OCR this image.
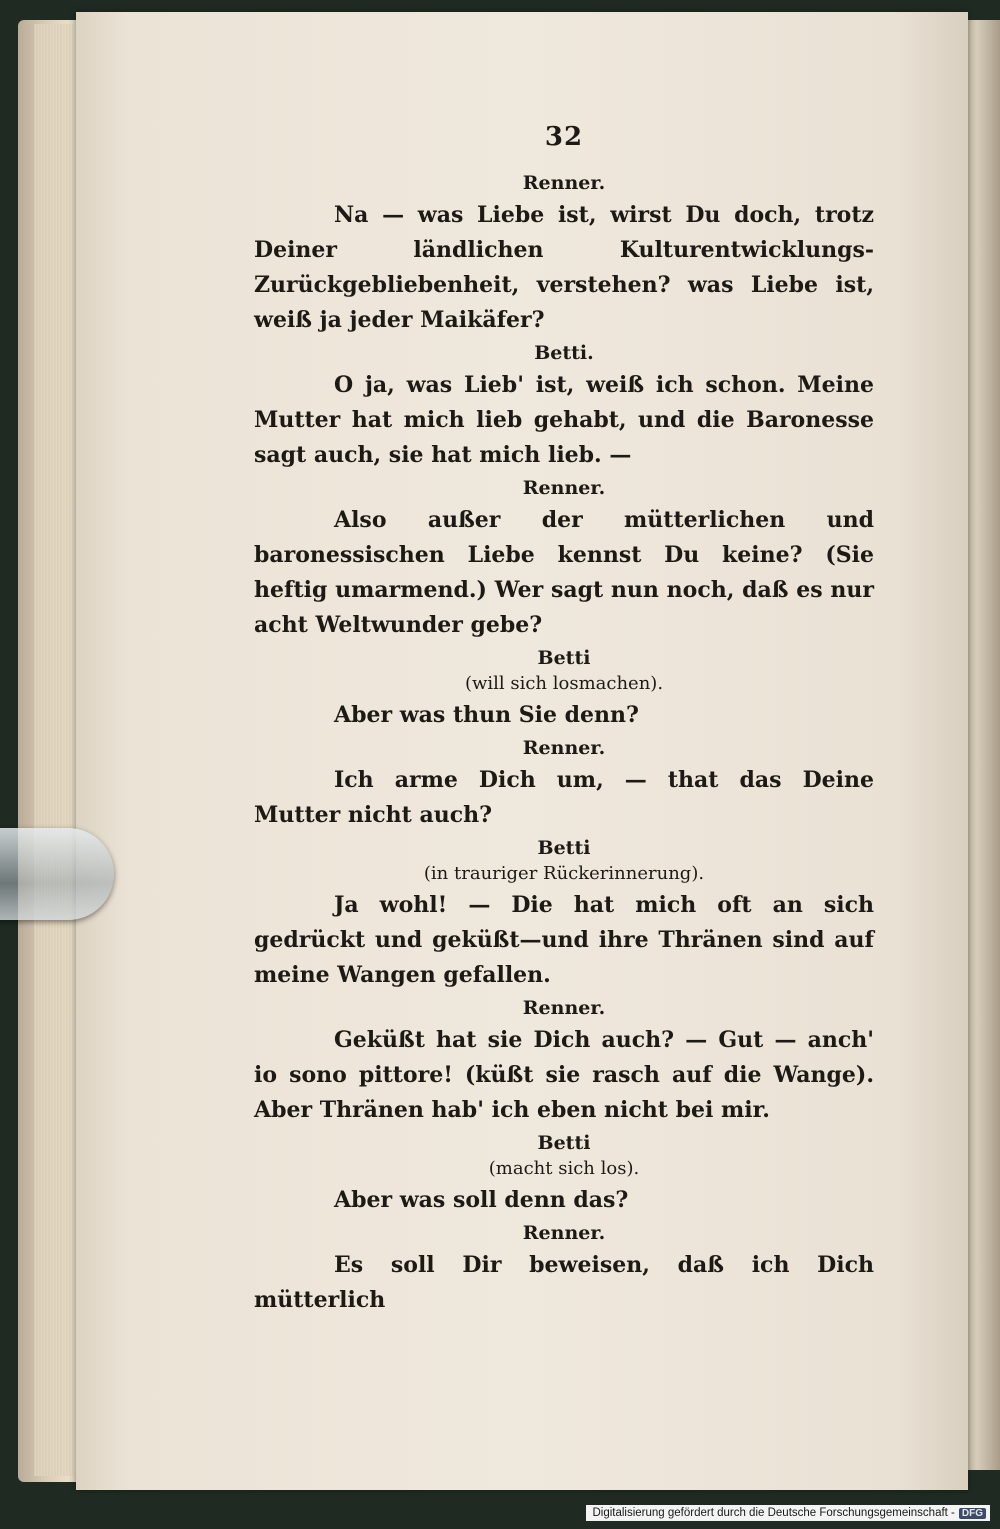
32
Renner.
Na — was Liebe ist, wirst Du doch, trotz Deiner ländlichen Kulturentwicklungs-Zurückgebliebenheit, verstehen? was Liebe ist, weiß ja jeder Maikäfer?
Betti.
O ja, was Lieb' ist, weiß ich schon. Meine Mutter hat mich lieb gehabt, und die Baronesse sagt auch, sie hat mich lieb. —
Renner.
Also außer der mütterlichen und baronessischen Liebe kennst Du keine? (Sie heftig umarmend.) Wer sagt nun noch, daß es nur acht Weltwunder gebe?
Betti
(will sich losmachen).
Aber was thun Sie denn?
Renner.
Ich arme Dich um, — that das Deine Mutter nicht auch?
Betti
(in trauriger Rückerinnerung).
Ja wohl! — Die hat mich oft an sich gedrückt und geküßt—und ihre Thränen sind auf meine Wangen gefallen.
Renner.
Geküßt hat sie Dich auch? — Gut — anch' io sono pittore! (küßt sie rasch auf die Wange). Aber Thränen hab' ich eben nicht bei mir.
Betti
(macht sich los).
Aber was soll denn das?
Renner.
Es soll Dir beweisen, daß ich Dich mütterlich
Digitalisierung gefördert durch die Deutsche Forschungsgemeinschaft - DFG
